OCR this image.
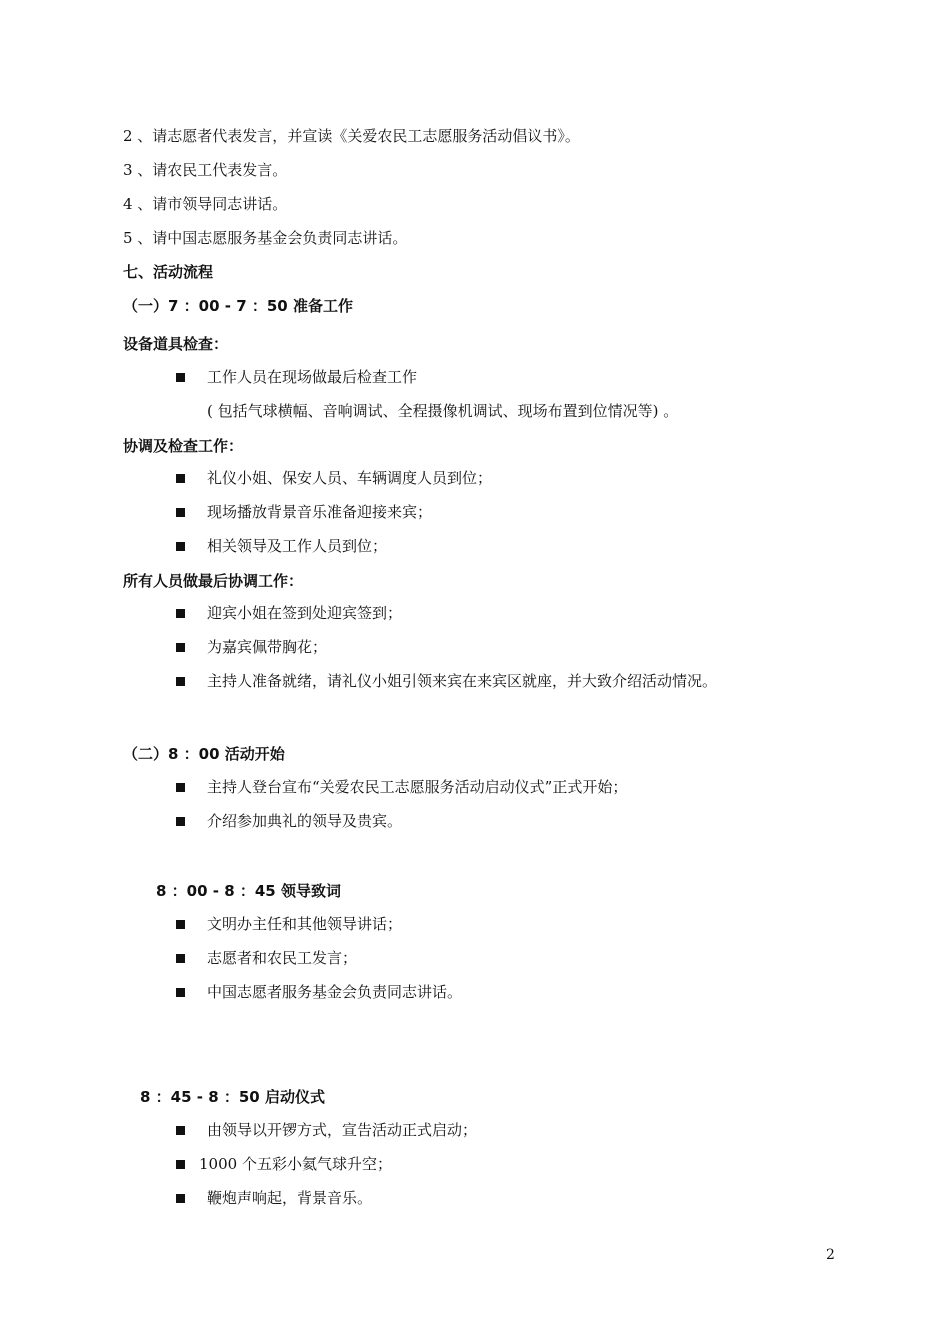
2 、请志愿者代表发言，并宣读《关爱农民工志愿服务活动倡议书》。
3 、请农民工代表发言。
4 、请市领导同志讲话。
5 、请中国志愿服务基金会负责同志讲话。
七、活动流程
（一）7 ：00 - 7 ：50 准备工作
设备道具检查：
工作人员在现场做最后检查工作
( 包括气球横幅、音响调试、全程摄像机调试、现场布置到位情况等) 。
协调及检查工作：
礼仪小姐、保安人员、车辆调度人员到位；
现场播放背景音乐准备迎接来宾；
相关领导及工作人员到位；
所有人员做最后协调工作：
迎宾小姐在签到处迎宾签到；
为嘉宾佩带胸花；
主持人准备就绪，请礼仪小姐引领来宾在来宾区就座，并大致介绍活动情况。
（二）8 ：00 活动开始
主持人登台宣布“关爱农民工志愿服务活动启动仪式”正式开始；
介绍参加典礼的领导及贵宾。
8 ：00 - 8 ：45 领导致词
文明办主任和其他领导讲话；
志愿者和农民工发言；
中国志愿者服务基金会负责同志讲话。
8 ：45 - 8 ：50 启动仪式
由领导以开锣方式，宣告活动正式启动；
1000 个五彩小氦气球升空；
鞭炮声响起，背景音乐。
2
